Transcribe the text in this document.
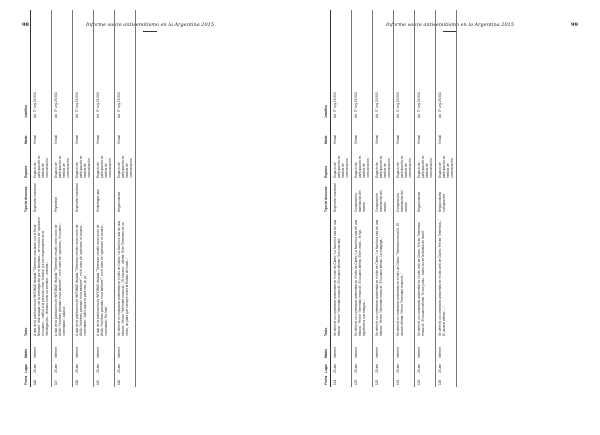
98	Informe sobre antisemitismo en la Argentina 2015
Fecha	Lugar	Medio	Texto	Tipo de discurso	Espacio	Modo	Justifica
116	23-abr	Internet	A raíz de la publicación de INFOBAE titulada "Tiberman: una tarde con el fiscal Nisman" relacionada con la investigación por el atentado... en el rubro de 'opiniones' el usuario... calificó a la persona como 'Judaica' y a los responsables de la investigación... Nisman como un servidor... sionista...	Expresión ocasional	Espacio de participación en medios de comunicación	Virtual	Art. 3° Ley 23.592.
117	23-abr	Internet	A raíz de la publicación de INFOBAE titulada "Tiberman: resultó como socio de AMIA: 'Hubieras pensado en la barbarie'", en el rubro de 'opiniones', el usuario... comentado: 'Judaica'.	Peyorativo	Espacio de participación en medios de comunicación	Virtual	Art. 3° Ley 23.592.
118	23-abr	Internet	A raíz de la publicación de INFOBAE titulada "Tiberman: resultó como socio de AMIA: 'Hubieras pensado en la barbarie'", en el rubro de 'opiniones' el usuario... comentado: 'Judio, aquí es para eso, ja, ja'.	Expresión ocasional	Espacio de participación en medios de comunicación	Virtual	Art. 3° Ley 23.592.
119	23-abr	Internet	A raíz de la publicación de INFOBAE titulada "Tiberman: resultó como socio de AMIA: 'Hubieras pensado en la barbarie'", en el rubro de 'opiniones' el usuario... comentado: 'En todo'.	Simbología nazi	Espacio de participación en medios de comunicación	Virtual	Art. 3° Ley 23.592.
120	23-abr	Internet	Se detectó el comentario antisemita en el sitio de Clarín: 'La Nación a raíz de una tribuna'. 'Héctor Timerman renunció...' El usuario... afirma: 'Este Timerman es un cerdo, un judío que siempre sirvió al Estado de Israel...'	Negacionismo	Espacio de participación en medios de comunicación	Virtual	Art. 3° Ley 23.592.
Informe sobre antisemitismo en la Argentina 2015	99
Fecha	Lugar	Medio	Texto	Tipo de discurso	Espacio	Modo	Justifica
121	23-abr	Internet	Se detectó un comentario antisemita en el sitio de Clarín: 'La Nación a raíz de una tribuna'. 'Héctor Timerman renunció'. El usuario afirma: 'Sos una rata'.	Expresión ocasional	Espacio de participación en medios de comunicación	Virtual	Art. 3° Ley 23.592.
122	23-abr	Internet	Se detectó un comentario antisemita en el sitio de Clarín: 'La Nación a raíz de una tribuna'. 'Héctor Timerman renunció'. El usuario afirma: 'Este cerdo... el tipo siguiendo a sus amigos...'	Conspiración dominación del mundo	Espacio de participación en medios de comunicación	Virtual	Art. 3° Ley 23.592.
123	23-abr	Internet	Se detectó un comentario antisemita en el sitio de Clarín: 'La Nación a raíz de una tribuna'. 'Héctor Timerman renunció'. El usuario afirma: 'La sinagoga...'	Conspiración dominación del mundo	Espacio de participación en medios de comunicación	Virtual	Art. 3° Ley 23.592.
124	23-abr	Internet	Se detectó el comentario antisemita en el sitio de Clarín: 'Tiberman renunció'. El usuario afirma: 'Héctor Timerman renunció...'	Conspiración dominación del mundo	Espacio de participación en medios de comunicación	Virtual	Art. 3° Ley 23.592.
125	23-abr	Internet	Se detectó un comentario antisemita en el sitio web de Clarín. 'Héctor Timerman renunció'. El usuario afirma: 'Si sos judío... todos los de la familia de Israel'.	Negacionismo	Espacio de participación en medios de comunicación	Virtual	Art. 3° Ley 23.592.
126	23-abr	Internet	Se detectó un comentario antisemita en el sitio web de Clarín: 'Héctor Timerman...' El usuario afirma: '...'	Negacionismo conspiración	Espacio de participación en medios de comunicación	Virtual	Art. 3° Ley 23.592.
